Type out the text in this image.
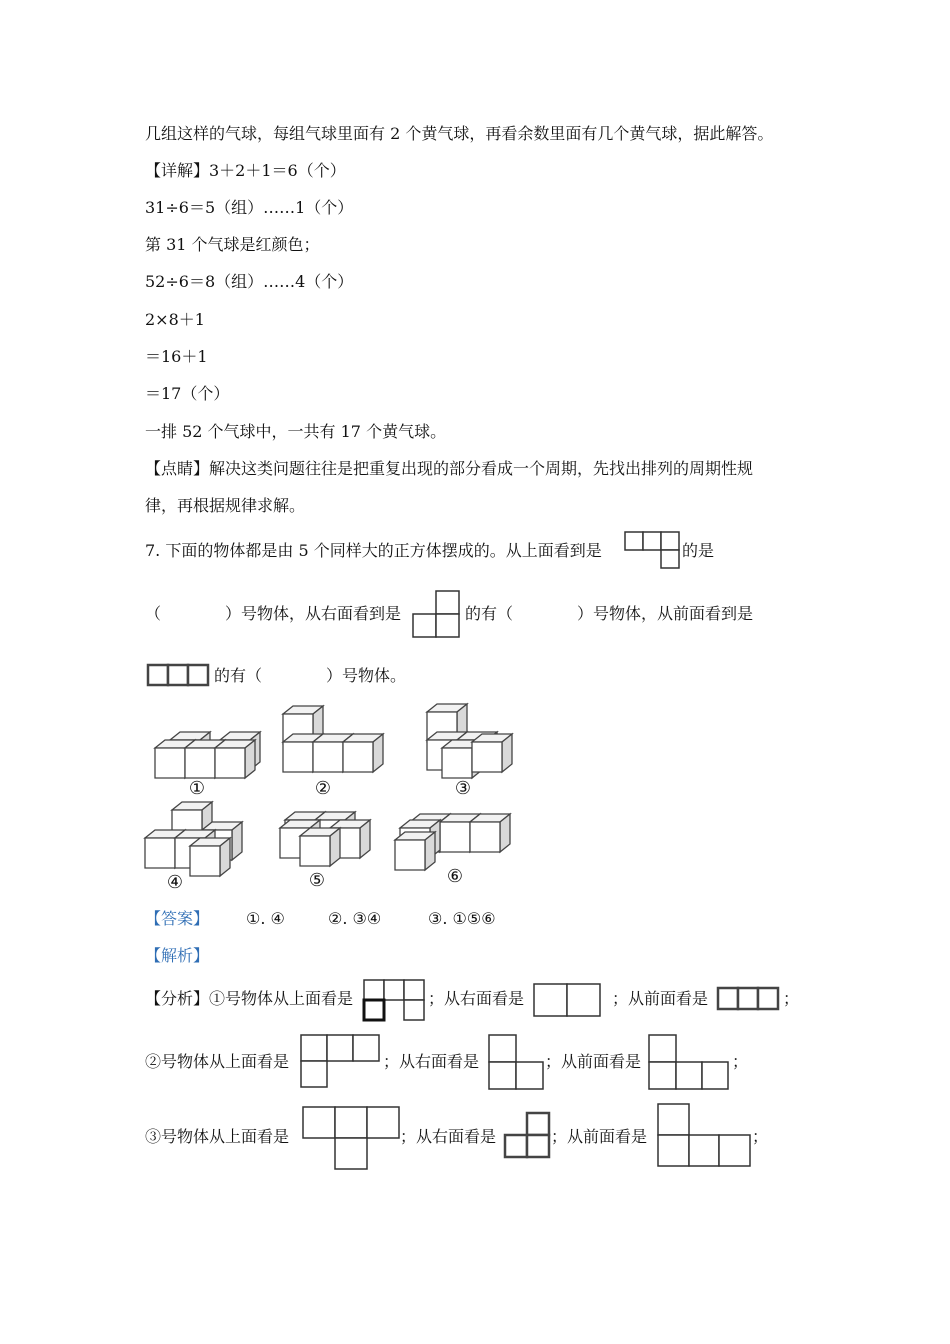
几组这样的气球，每组气球里面有 2 个黄气球，再看余数里面有几个黄气球，据此解答。
【详解】3＋2＋1＝6（个）
31÷6＝5（组）……1（个）
第 31 个气球是红颜色；
52÷6＝8（组）……4（个）
2×8＋1
＝16＋1
＝17（个）
一排 52 个气球中，一共有 17 个黄气球。
【点睛】解决这类问题往往是把重复出现的部分看成一个周期，先找出排列的周期性规
律，再根据规律求解。
7. 下面的物体都是由 5 个同样大的正方体摆成的。从上面看到是	的是
（　　　　）号物体，从右面看到是	的有（　　　　）号物体，从前面看到是
的有（　　　　）号物体。
①	②	③
④	⑤	⑥
【答案】 ①. ④	②. ③④	③. ①⑤⑥
【解析】
【分析】①号物体从上面看是	；从右面看是	；从前面看是	；
②号物体从上面看是	；从右面看是	；从前面看是	；
③号物体从上面看是	；从右面看是	；从前面看是	；
